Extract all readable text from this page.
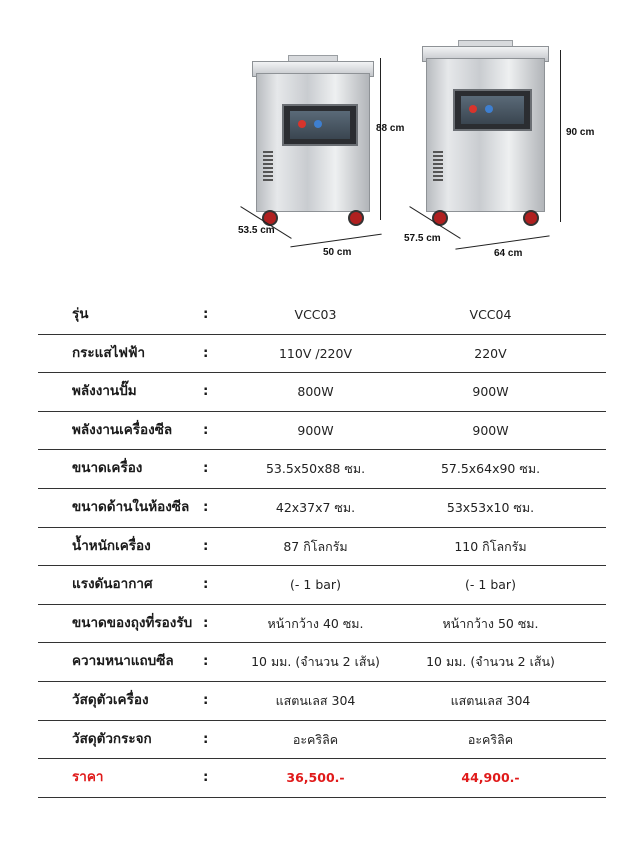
88 cm
50 cm
53.5 cm
90 cm
64 cm
57.5 cm
รุ่น	:	VCC03	VCC04
กระแสไฟฟ้า	:	110V /220V	220V
พลังงานปั๊ม	:	800W	900W
พลังงานเครื่องซีล :	900W	900W
ขนาดเครื่อง	:	53.5x50x88 ซม.	57.5x64x90 ซม.
ขนาดด้านในห้องซีล :	42x37x7 ซม.	53x53x10 ซม.
น้ำหนักเครื่อง	:	87 กิโลกรัม	110 กิโลกรัม
แรงดันอากาศ	:	(- 1 bar)	(- 1 bar)
ขนาดของถุงที่รองรับ :	หน้ากว้าง 40 ซม.	หน้ากว้าง 50 ซม.
ความหนาแถบซีล :	10 มม. (จำนวน 2 เส้น)	10 มม. (จำนวน 2 เส้น)
วัสดุตัวเครื่อง	:	แสตนเลส 304	แสตนเลส 304
วัสดุตัวกระจก	:	อะคริลิค	อะคริลิค
ราคา	:	36,500.-	44,900.-
